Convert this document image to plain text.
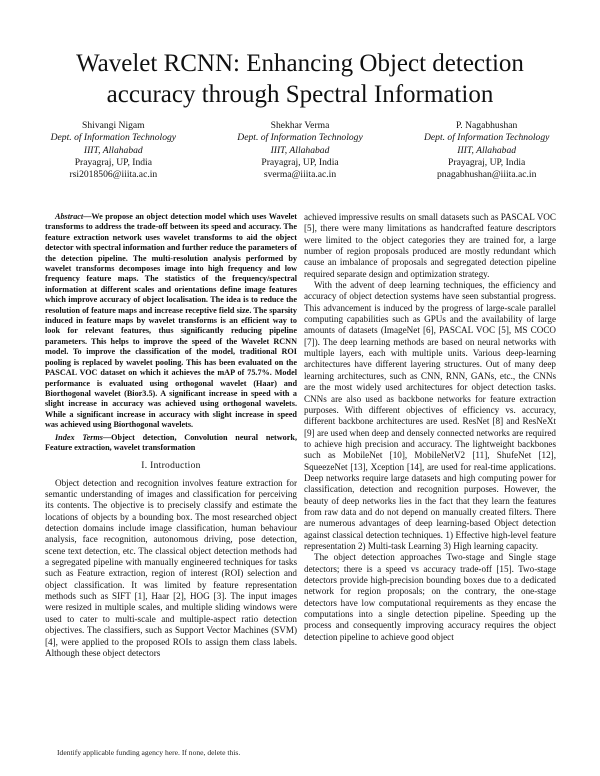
Wavelet RCNN: Enhancing Object detection accuracy through Spectral Information
Shivangi Nigam
Dept. of Information Technology
IIIT, Allahabad
Prayagraj, UP, India
rsi2018506@iiita.ac.in
Shekhar Verma
Dept. of Information Technology
IIIT, Allahabad
Prayagraj, UP, India
sverma@iiita.ac.in
P. Nagabhushan
Dept. of Information Technology
IIIT, Allahabad
Prayagraj, UP, India
pnagabhushan@iiita.ac.in

Abstract—We propose an object detection model which uses Wavelet transforms to address the trade-off between its speed and accuracy. The feature extraction network uses wavelet transforms to aid the object detector with spectral information and further reduce the parameters of the detection pipeline. The multi-resolution analysis performed by wavelet transforms decomposes image into high frequency and low frequency feature maps. The statistics of the frequency/spectral information at different scales and orientations define image features which improve accuracy of object localisation. The idea is to reduce the resolution of feature maps and increase receptive field size. The sparsity induced in feature maps by wavelet transforms is an efficient way to look for relevant features, thus significantly reducing pipeline parameters. This helps to improve the speed of the Wavelet RCNN model. To improve the classification of the model, traditional ROI pooling is replaced by wavelet pooling. This has been evaluated on the PASCAL VOC dataset on which it achieves the mAP of 75.7%. Model performance is evaluated using orthogonal wavelet (Haar) and Biorthogonal wavelet (Bior3.5). A significant increase in speed with a slight increase in accuracy was achieved using orthogonal wavelets. While a significant increase in accuracy with slight increase in speed was achieved using Biorthogonal wavelets.

Index Terms—Object detection, Convolution neural network, Feature extraction, wavelet transformation

I. Introduction

Object detection and recognition involves feature extraction for semantic understanding of images and classification for perceiving its contents. The objective is to precisely classify and estimate the locations of objects by a bounding box. The most researched object detection domains include image classification, human behaviour analysis, face recognition, autonomous driving, pose detection, scene text detection, etc. The classical object detection methods had a segregated pipeline with manually engineered techniques for tasks such as Feature extraction, region of interest (ROI) selection and object classification. It was limited by feature representation methods such as SIFT [1], Haar [2], HOG [3]. The input images were resized in multiple scales, and multiple sliding windows were used to cater to multi-scale and multiple-aspect ratio detection objectives. The classifiers, such as Support Vector Machines (SVM) [4], were applied to the proposed ROIs to assign them class labels. Although these object detectors

achieved impressive results on small datasets such as PASCAL VOC [5], there were many limitations as handcrafted feature descriptors were limited to the object categories they are trained for, a large number of region proposals produced are mostly redundant which cause an imbalance of proposals and segregated detection pipeline required separate design and optimization strategy.

With the advent of deep learning techniques, the efficiency and accuracy of object detection systems have seen substantial progress. This advancement is induced by the progress of large-scale parallel computing capabilities such as GPUs and the availability of large amounts of datasets (ImageNet [6], PASCAL VOC [5], MS COCO [7]). The deep learning methods are based on neural networks with multiple layers, each with multiple units. Various deep-learning architectures have different layering structures. Out of many deep learning architectures, such as CNN, RNN, GANs, etc., the CNNs are the most widely used architectures for object detection tasks. CNNs are also used as backbone networks for feature extraction purposes. With different objectives of efficiency vs. accuracy, different backbone architectures are used. ResNet [8] and ResNeXt [9] are used when deep and densely connected networks are required to achieve high precision and accuracy. The lightweight backbones such as MobileNet [10], MobileNetV2 [11], ShufeNet [12], SqueezeNet [13], Xception [14], are used for real-time applications. Deep networks require large datasets and high computing power for classification, detection and recognition purposes. However, the beauty of deep networks lies in the fact that they learn the features from raw data and do not depend on manually created filters. There are numerous advantages of deep learning-based Object detection against classical detection techniques. 1) Effective high-level feature representation 2) Multi-task Learning 3) High learning capacity.

The object detection approaches Two-stage and Single stage detectors; there is a speed vs accuracy trade-off [15]. Two-stage detectors provide high-precision bounding boxes due to a dedicated network for region proposals; on the contrary, the one-stage detectors have low computational requirements as they encase the computations into a single detection pipeline. Speeding up the process and consequently improving accuracy requires the object detection pipeline to achieve good object

Identify applicable funding agency here. If none, delete this.
